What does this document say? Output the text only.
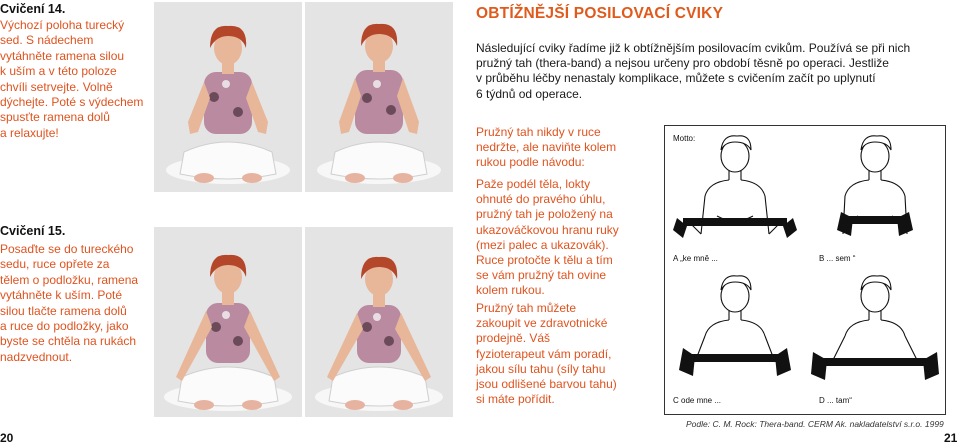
Cvičení 14.
Výchozí poloha turecký
sed. S nádechem
vytáhněte ramena silou
k uším a v této poloze
chvíli setrvejte. Volně
dýchejte. Poté s výdechem
spusťte ramena dolů
a relaxujte!
Cvičení 15.
Posaďte se do tureckého
sedu, ruce opřete za
tělem o podložku, ramena
vytáhněte k uším. Poté
silou tlačte ramena dolů
a ruce do podložky, jako
byste se chtěla na rukách
nadzvednout.
20
OBTÍŽNĚJŠÍ POSILOVACÍ CVIKY
Následující cviky řadíme již k obtížnějším posilovacím cvikům. Používá se při nich
pružný tah (thera-band) a nejsou určeny pro období těsně po operaci. Jestliže
v průběhu léčby nenastaly komplikace, můžete s cvičením začít po uplynutí
6 týdnů od operace.
Pružný tah nikdy v ruce
nedržte, ale naviňte kolem
rukou podle návodu:
Paže podél těla, lokty
ohnuté do pravého úhlu,
pružný tah je položený na
ukazováčkovou hranu ruky
(mezi palec a ukazovák).
Ruce protočte k tělu a tím
se vám pružný tah ovine
kolem rukou.
Pružný tah můžete
zakoupit ve zdravotnické
prodejně. Váš
fyzioterapeut vám poradí,
jakou sílu tahu (síly tahu
jsou odlišené barvou tahu)
si máte pořídit.
Motto:
A „ke mně ...	B ... sem “
C ode mne ...	D ... tam“
Podle: C. M. Rock: Thera-band. CERM Ak. nakladatelství s.r.o. 1999
21
